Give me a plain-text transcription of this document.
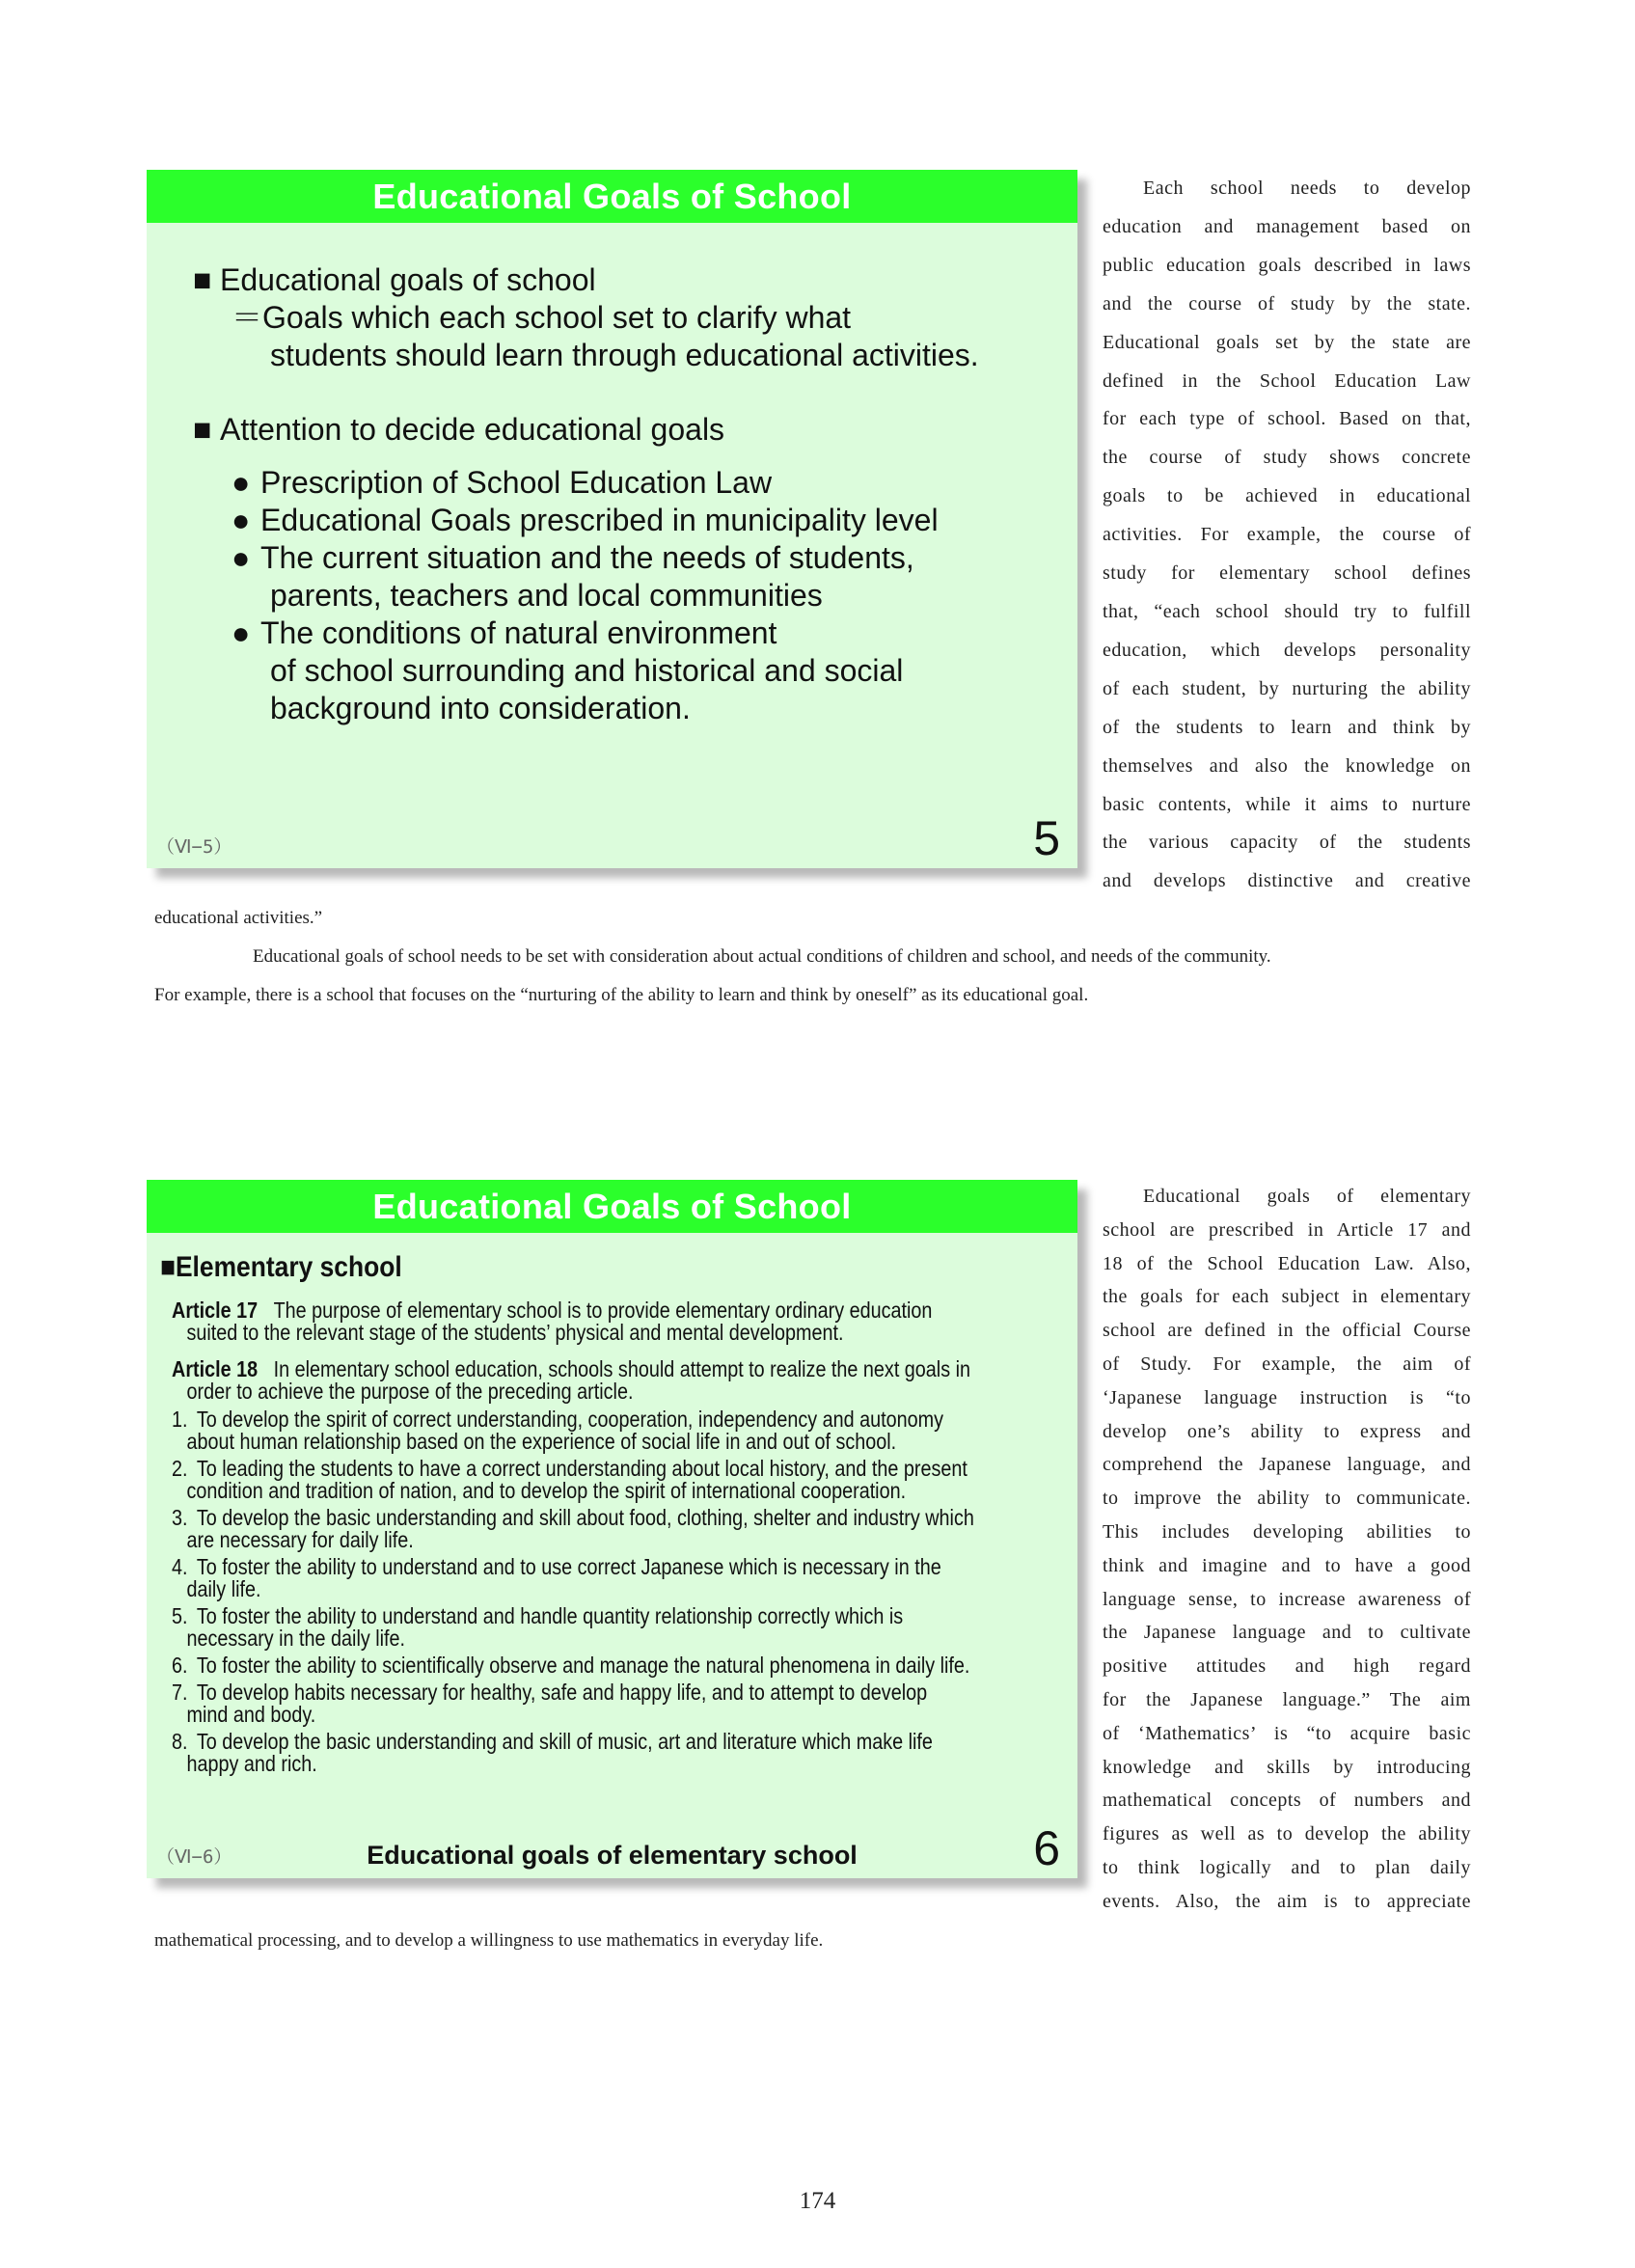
Educational Goals of School
■ Educational goals of school
＝Goals which each school set to clarify what
students should learn through educational activities.
■ Attention to decide educational goals
● Prescription of School Education Law
● Educational Goals prescribed in municipality level
● The current situation and the needs of students,
parents, teachers and local communities
● The conditions of natural environment
of school surrounding and historical and social
background into consideration.
（Ⅵ−5）	5
Each school needs to develop
education and management based on
public education goals described in laws
and the course of study by the state.
Educational goals set by the state are
defined in the School Education Law
for each type of school. Based on that,
the course of study shows concrete
goals to be achieved in educational
activities. For example, the course of
study for elementary school defines
that, “each school should try to fulfill
education, which develops personality
of each student, by nurturing the ability
of the students to learn and think by
themselves and also the knowledge on
basic contents, while it aims to nurture
the various capacity of the students
and develops distinctive and creative
educational activities.”
Educational goals of school needs to be set with consideration about actual conditions of children and school, and needs of the community.
For example, there is a school that focuses on the “nurturing of the ability to learn and think by oneself” as its educational goal.
Educational Goals of School
■ Elementary school
Article 17 The purpose of elementary school is to provide elementary ordinary education
suited to the relevant stage of the students’ physical and mental development.
Article 18 In elementary school education, schools should attempt to realize the next goals in
order to achieve the purpose of the preceding article.
1. To develop the spirit of correct understanding, cooperation, independency and autonomy
about human relationship based on the experience of social life in and out of school.
2. To leading the students to have a correct understanding about local history, and the present
condition and tradition of nation, and to develop the spirit of international cooperation.
3. To develop the basic understanding and skill about food, clothing, shelter and industry which
are necessary for daily life.
4. To foster the ability to understand and to use correct Japanese which is necessary in the
daily life.
5. To foster the ability to understand and handle quantity relationship correctly which is
necessary in the daily life.
6. To foster the ability to scientifically observe and manage the natural phenomena in daily life.
7. To develop habits necessary for healthy, safe and happy life, and to attempt to develop
mind and body.
8. To develop the basic understanding and skill of music, art and literature which make life
happy and rich.
（Ⅵ−6）	Educational goals of elementary school	6
Educational goals of elementary
school are prescribed in Article 17 and
18 of the School Education Law. Also,
the goals for each subject in elementary
school are defined in the official Course
of Study. For example, the aim of
‘Japanese language instruction is “to
develop one’s ability to express and
comprehend the Japanese language, and
to improve the ability to communicate.
This includes developing abilities to
think and imagine and to have a good
language sense, to increase awareness of
the Japanese language and to cultivate
positive attitudes and high regard
for the Japanese language.” The aim
of ‘Mathematics’ is “to acquire basic
knowledge and skills by introducing
mathematical concepts of numbers and
figures as well as to develop the ability
to think logically and to plan daily
events. Also, the aim is to appreciate
mathematical processing, and to develop a willingness to use mathematics in everyday life.
174
